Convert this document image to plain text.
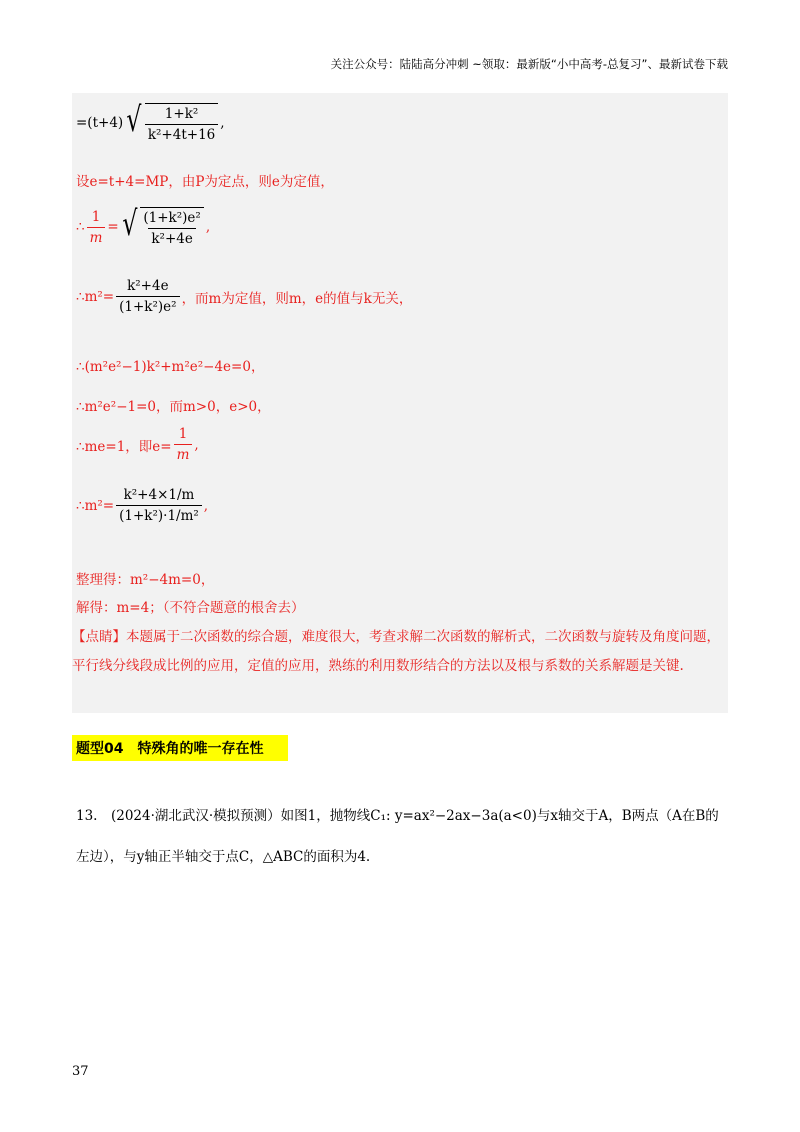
关注公众号：陆陆高分冲刺 ~领取：最新版“小中高考-总复习”、最新试卷下载
=(t+4) √ $\frac{\text{1+k²}}{\text{k²+4t+16}}$ ,
设e=t+4=MP，由P为定点，则e为定值，
∴ $\frac{1}{m}$ = √ $\frac{\text{(1+k²)e²}}{\text{k²+4e}}$ ,
∴m²= $\frac{\text{k²+4e}}{\text{(1+k²)e²}}$ ，而m为定值，则m，e的值与k无关，
∴(m²e²−1)k²+m²e²−4e=0，
∴m²e²−1=0，而m>0，e>0，
∴me=1，即$e= \frac{1}{m}$ ,
∴m²= $\frac{\text{k²+4×1/m}}{\text{(1+k²)·1/m²}}$ ,
整理得：m²−4m=0，
解得：m=4；（不符合题意的根舍去）
【点睛】本题属于二次函数的综合题，难度很大，考查求解二次函数的解析式，二次函数与旋转及角度问题，平行线分线段成比例的应用，定值的应用，熟练的利用数形结合的方法以及根与系数的关系解题是关键.
题型04　特殊角的唯一存在性
13.　(2024·湖北武汉·模拟预测）如图1，抛物线C₁: y=ax²−2ax−3a(a<0)与x轴交于A，B两点（A在B的左边），与y轴正半轴交于点C，△ABC的面积为4.
37
